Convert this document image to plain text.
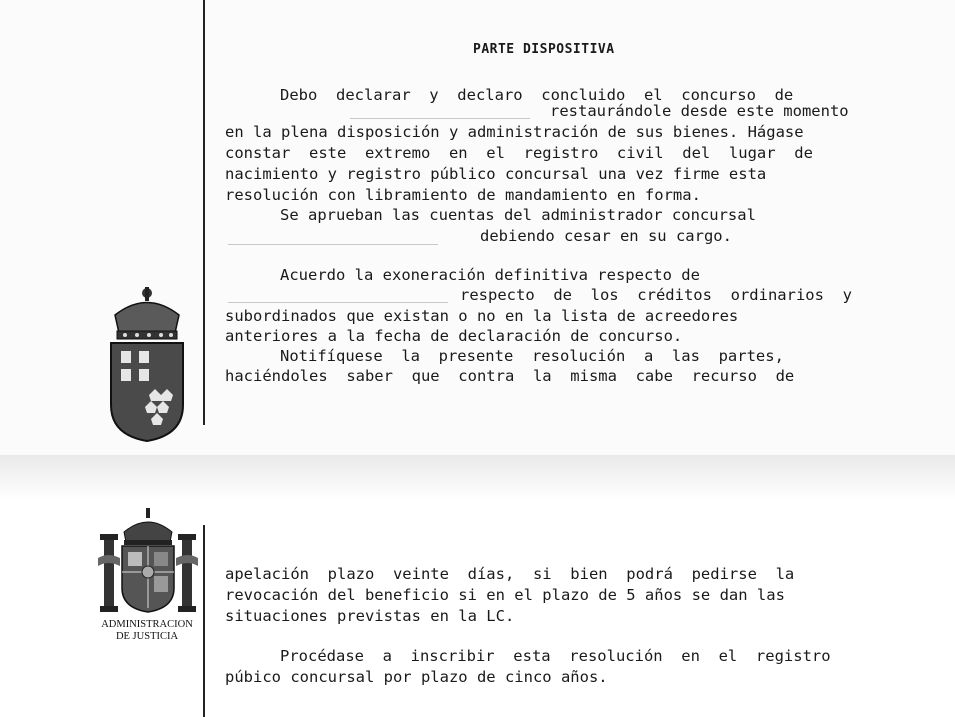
PARTE DISPOSITIVA
Debo  declarar  y  declaro  concluido  el  concurso  de
restaurándole desde este momento
en la plena disposición y administración de sus bienes. Hágase
constar  este  extremo  en  el  registro  civil  del  lugar  de
nacimiento y registro público concursal una vez firme esta
resolución con libramiento de mandamiento en forma.
Se aprueban las cuentas del administrador concursal
debiendo cesar en su cargo.
Acuerdo la exoneración definitiva respecto de
respecto  de  los  créditos  ordinarios  y
subordinados que existan o no en la lista de acreedores
anteriores a la fecha de declaración de concurso.
Notifíquese  la  presente  resolución  a  las  partes,
haciéndoles  saber  que  contra  la  misma  cabe  recurso  de
ADMINISTRACION
DE JUSTICIA
apelación  plazo  veinte  días,  si  bien  podrá  pedirse  la
revocación del beneficio si en el plazo de 5 años se dan las
situaciones previstas en la LC.
Procédase  a  inscribir  esta  resolución  en  el  registro
púbico concursal por plazo de cinco años.
